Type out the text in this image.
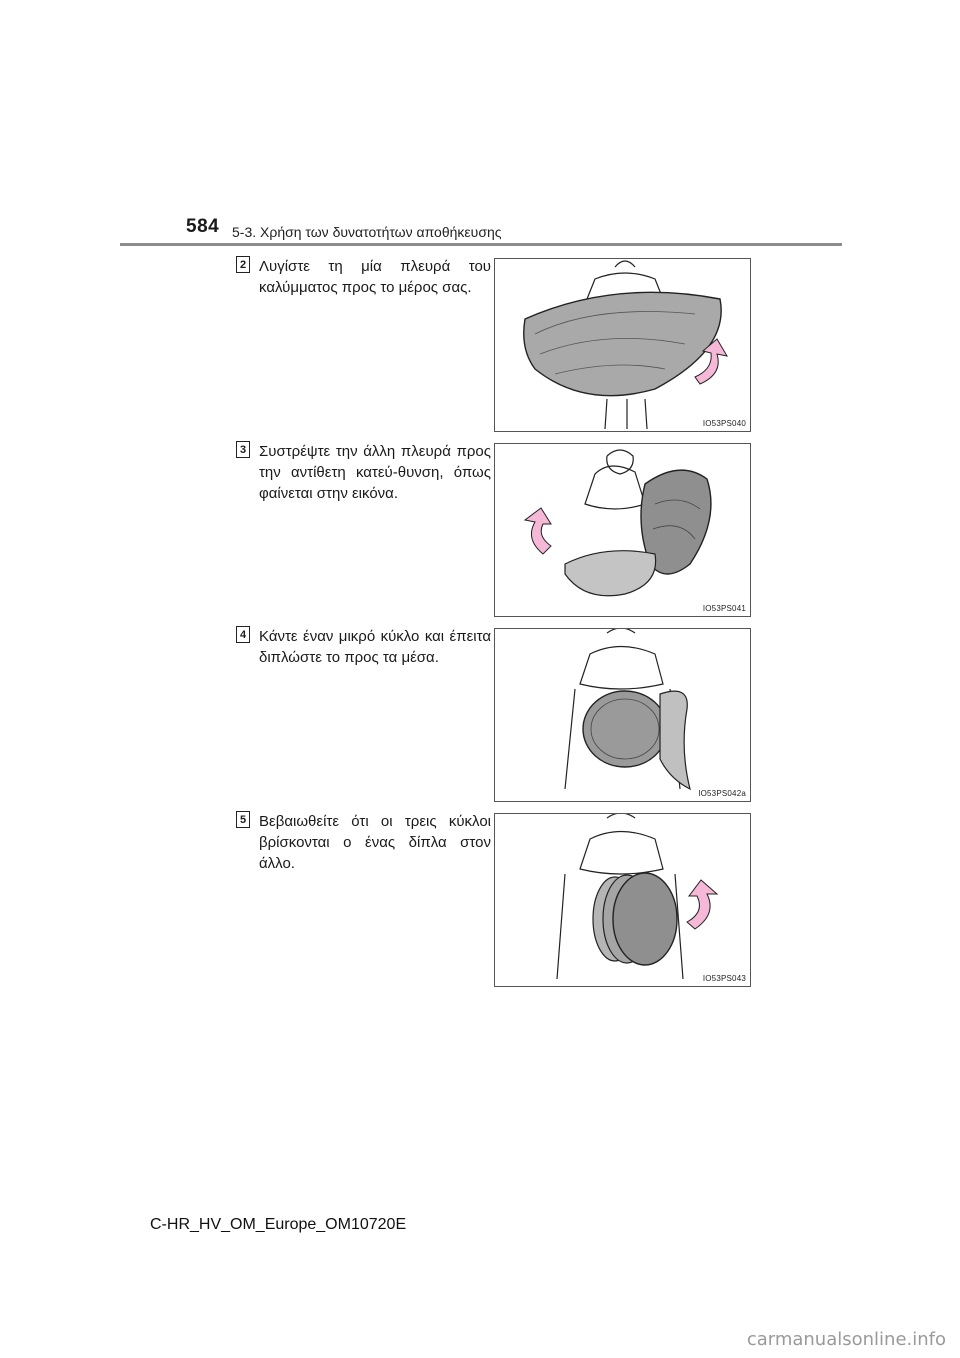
584 5-3. Χρήση των δυνατοτήτων αποθήκευσης
2 Λυγίστε τη μία πλευρά του καλύμματος προς το μέρος σας.
IO53PS040
3 Συστρέψτε την άλλη πλευρά προς την αντίθετη κατεύ-θυνση, όπως φαίνεται στην εικόνα.
IO53PS041
4 Κάντε έναν μικρό κύκλο και έπειτα διπλώστε το προς τα μέσα.
IO53PS042a
5 Βεβαιωθείτε ότι οι τρεις κύκλοι βρίσκονται ο ένας δίπλα στον άλλο.
IO53PS043
C-HR_HV_OM_Europe_OM10720E
carmanualsonline.info
